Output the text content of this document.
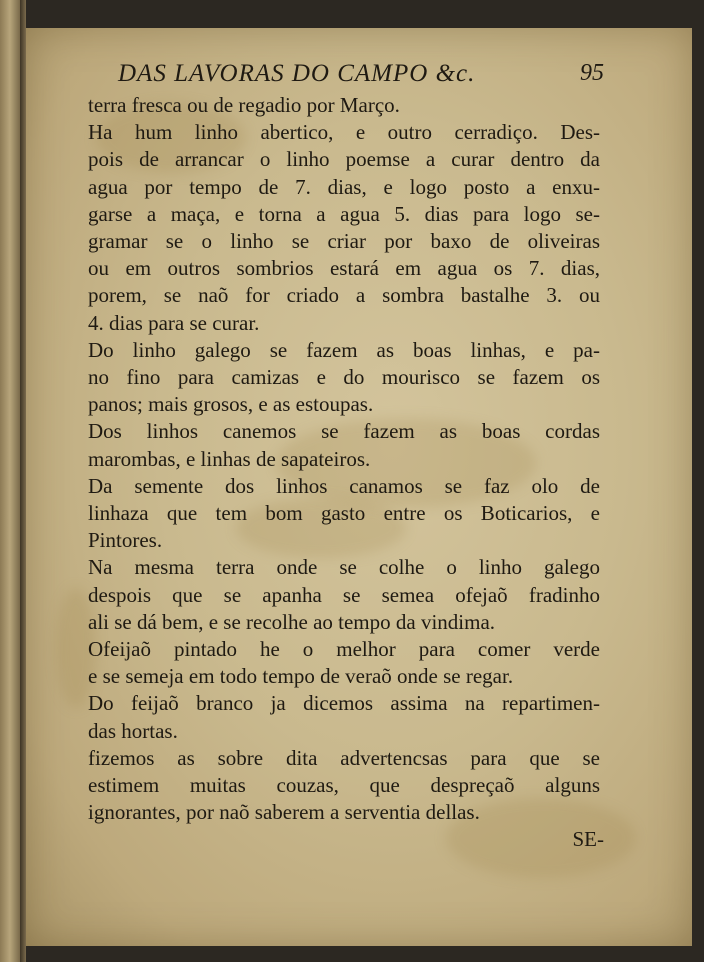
DAS LAVORAS DO CAMPO &c.	95
terra fresca ou de regadio por Março.
Ha hum linho abertico, e outro cerradiço. Des-
pois de arrancar o linho poemse a curar dentro da
agua por tempo de 7. dias, e logo posto a enxu-
garse a maça, e torna a agua 5. dias para logo se-
gramar se o linho se criar por baxo de oliveiras
ou em outros sombrios estará em agua os 7. dias,
porem, se naõ for criado a sombra bastalhe 3. ou
4. dias para se curar.
Do linho galego se fazem as boas linhas, e pa-
no fino para camizas e do mourisco se fazem os
panos; mais grosos, e as estoupas.
Dos linhos canemos se fazem as boas cordas
marombas, e linhas de sapateiros.
Da semente dos linhos canamos se faz olo de
linhaza que tem bom gasto entre os Boticarios, e
Pintores.
Na mesma terra onde se colhe o linho galego
despois que se apanha se semea ofejaõ fradinho
ali se dá bem, e se recolhe ao tempo da vindima.
Ofeijaõ pintado he o melhor para comer verde
e se semeja em todo tempo de veraõ onde se regar.
Do feijaõ branco ja dicemos assima na repartimen-
das hortas.
fizemos as sobre dita advertencsas para que se
estimem muitas couzas, que despreçaõ alguns
ignorantes, por naõ saberem a serventia dellas.
SE-
